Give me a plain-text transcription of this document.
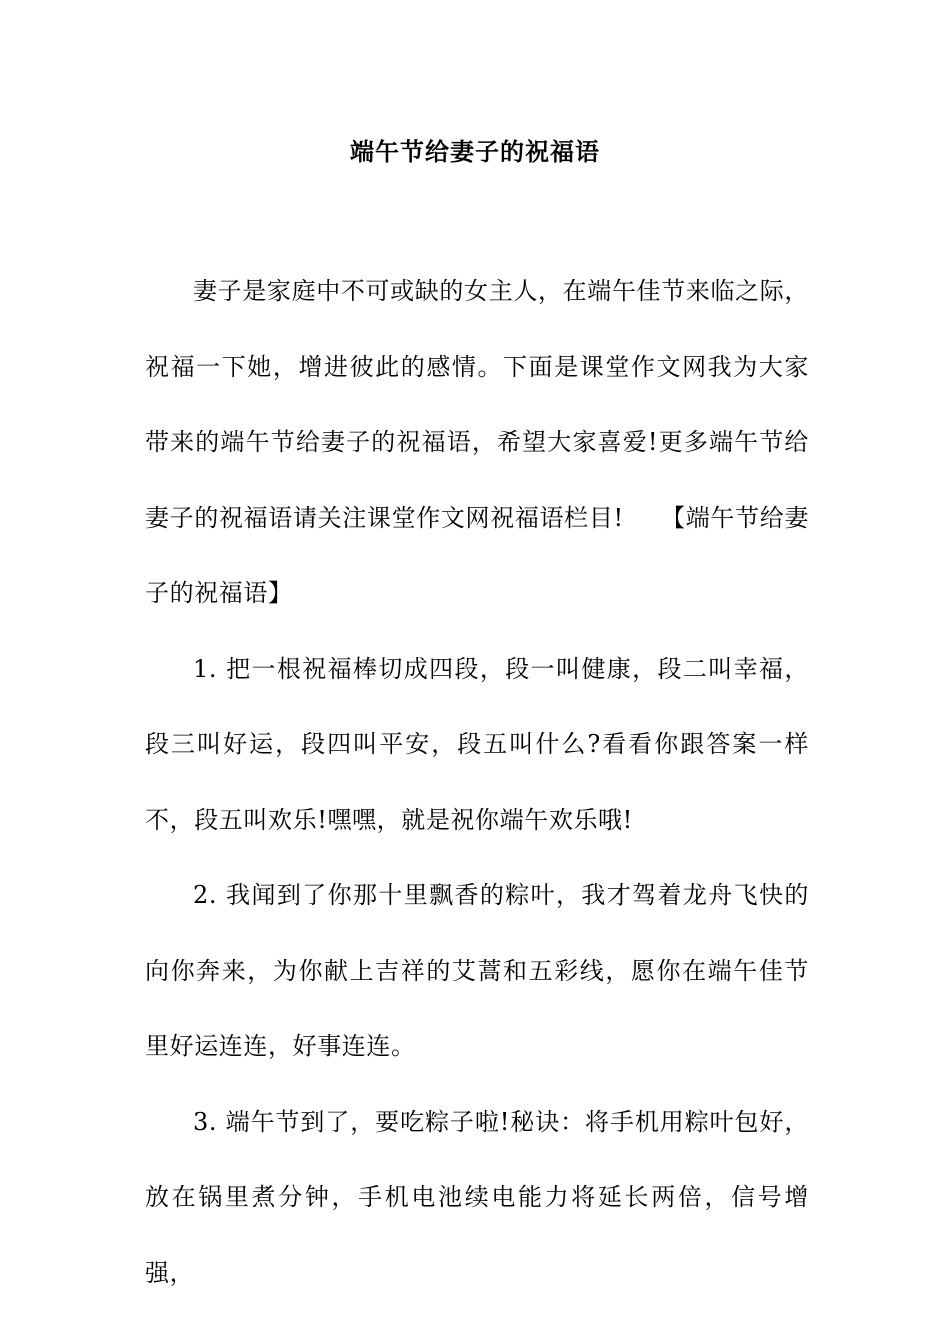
端午节给妻子的祝福语

妻子是家庭中不可或缺的女主人，在端午佳节来临之际，祝福一下她，增进彼此的感情。下面是课堂作文网我为大家带来的端午节给妻子的祝福语，希望大家喜爱!更多端午节给妻子的祝福语请关注课堂作文网祝福语栏目!　　【端午节给妻子的祝福语】

1. 把一根祝福棒切成四段，段一叫健康，段二叫幸福，段三叫好运，段四叫平安，段五叫什么?看看你跟答案一样不，段五叫欢乐!嘿嘿，就是祝你端午欢乐哦!

2. 我闻到了你那十里飘香的粽叶，我才驾着龙舟飞快的向你奔来，为你献上吉祥的艾蒿和五彩线，愿你在端午佳节里好运连连，好事连连。

3. 端午节到了，要吃粽子啦!秘诀：将手机用粽叶包好，放在锅里煮分钟，手机电池续电能力将延长两倍，信号增强，
